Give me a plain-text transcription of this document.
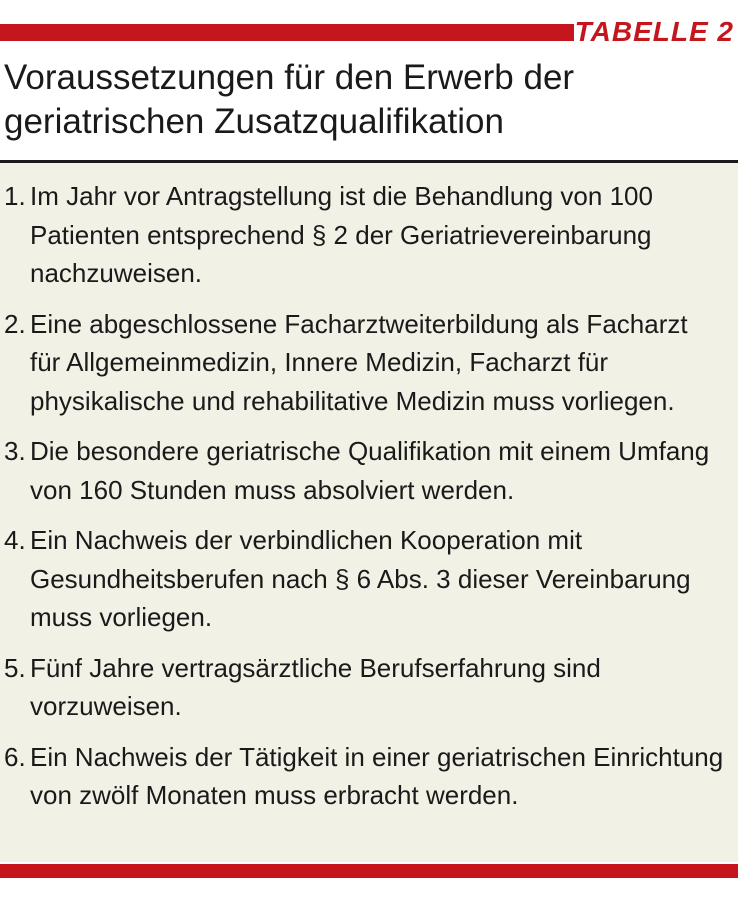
TABELLE 2
Voraussetzungen für den Erwerb der geriatrischen Zusatzqualifikation
1. Im Jahr vor Antragstellung ist die Behandlung von 100 Patienten entsprechend § 2 der Geriatrievereinbarung nachzuweisen.
2. Eine abgeschlossene Facharztweiterbildung als Facharzt für Allgemeinmedizin, Innere Medizin, Facharzt für physikalische und rehabilitative Medizin muss vorliegen.
3. Die besondere geriatrische Qualifikation mit einem Umfang von 160 Stunden muss absolviert werden.
4. Ein Nachweis der verbindlichen Kooperation mit Gesundheitsberufen nach § 6 Abs. 3 dieser Vereinbarung muss vorliegen.
5. Fünf Jahre vertragsärztliche Berufserfahrung sind vorzuweisen.
6. Ein Nachweis der Tätigkeit in einer geriatrischen Einrichtung von zwölf Monaten muss erbracht werden.
